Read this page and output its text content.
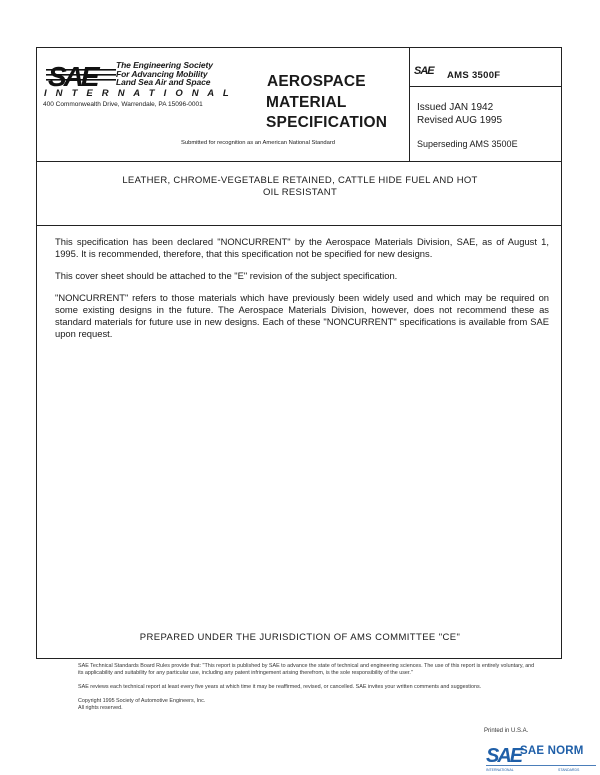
SAE	The Engineering Society
For Advancing Mobility
Land Sea Air and Space
I N T E R N A T I O N A L
400 Commonwealth Drive, Warrendale, PA 15096-0001
AEROSPACE
MATERIAL
SPECIFICATION
Submitted for recognition as an American National Standard
SAE AMS 3500F
Issued JAN 1942
Revised AUG 1995
Superseding AMS 3500E
LEATHER, CHROME-VEGETABLE RETAINED, CATTLE HIDE FUEL AND HOT
OIL RESISTANT

This specification has been declared "NONCURRENT" by the Aerospace Materials Division, SAE, as of August 1, 1995. It is recommended, therefore, that this specification not be specified for new designs.

This cover sheet should be attached to the "E" revision of the subject specification.

"NONCURRENT" refers to those materials which have previously been widely used and which may be required on some existing designs in the future. The Aerospace Materials Division, however, does not recommend these as standard materials for future use in new designs. Each of these "NONCURRENT" specifications is available from SAE upon request.

PREPARED UNDER THE JURISDICTION OF AMS COMMITTEE "CE"

SAE Technical Standards Board Rules provide that: "This report is published by SAE to advance the state of technical and engineering sciences. The use of this report is entirely voluntary, and its applicability and suitability for any particular use, including any patent infringement arising therefrom, is the sole responsibility of the user."

SAE reviews each technical report at least every five years at which time it may be reaffirmed, revised, or cancelled. SAE invites your written comments and suggestions.

Copyright 1995 Society of Automotive Engineers, Inc.
All rights reserved.
Printed in U.S.A.
SAE
INTERNATIONAL	STANDARDS
SAE NORM
